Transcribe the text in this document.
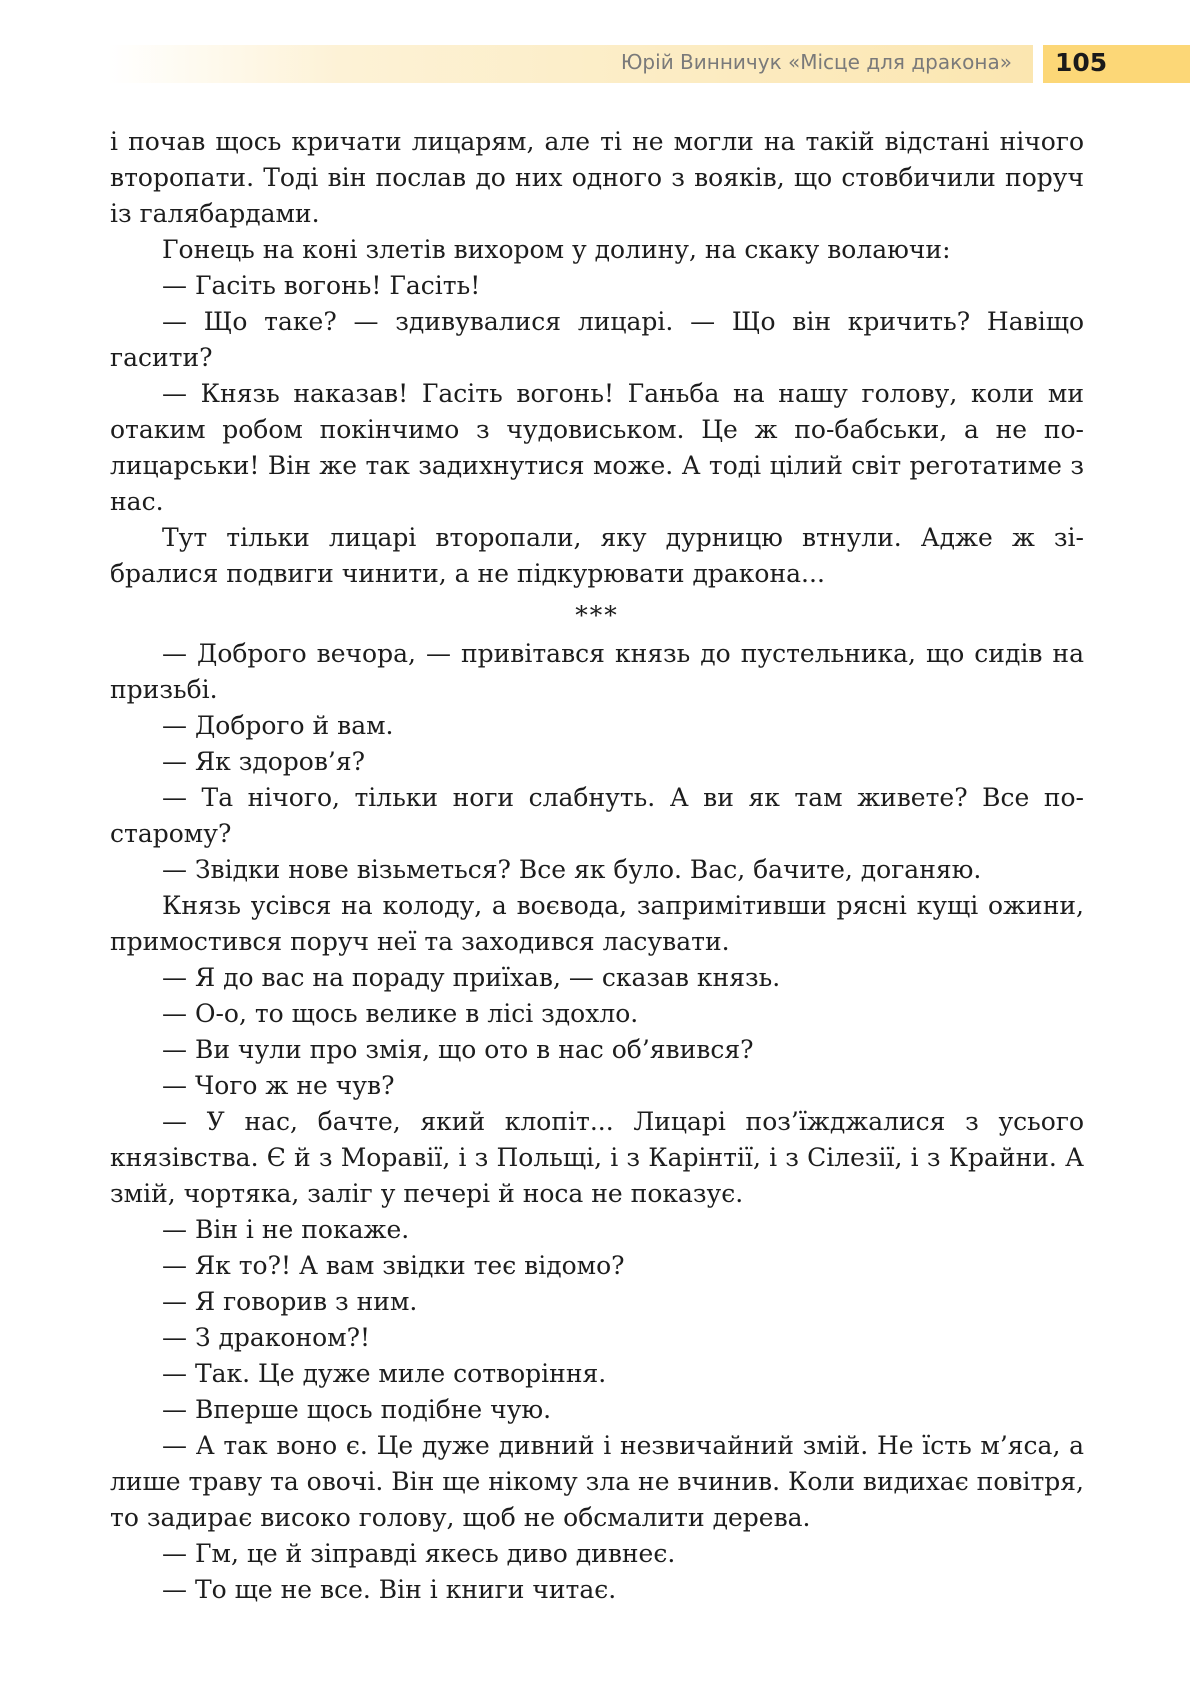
Юрій Винничук «Місце для дракона» 105

і почав щось кричати лицарям, але ті не могли на такій відстані нічого второпати. Тоді він послав до них одного з вояків, що стовбичили поруч із галябардами.

Гонець на коні злетів вихором у долину, на скаку волаючи:

— Гасіть вогонь! Гасіть!

— Що таке? — здивувалися лицарі. — Що він кричить? Навіщо гасити?

— Князь наказав! Гасіть вогонь! Ганьба на нашу голову, коли ми отаким робом покінчимо з чудовиськом. Це ж по-бабськи, а не по-лицарськи! Він же так задихнутися може. А тоді цілий світ реготатиме з нас.

Тут тільки лицарі второпали, яку дурницю втнули. Адже ж зібралися подвиги чинити, а не підкурювати дракона...

***

— Доброго вечора, — привітався князь до пустельника, що сидів на призьбі.

— Доброго й вам.

— Як здоров’я?

— Та нічого, тільки ноги слабнуть. А ви як там живете? Все по-старому?

— Звідки нове візьметься? Все як було. Вас, бачите, доганяю.

Князь усівся на колоду, а воєвода, запримітивши рясні кущі ожини, примостився поруч неї та заходився ласувати.

— Я до вас на пораду приїхав, — сказав князь.

— О-о, то щось велике в лісі здохло.

— Ви чули про змія, що ото в нас об’явився?

— Чого ж не чув?

— У нас, бачте, який клопіт... Лицарі поз’їжджалися з усього князівства. Є й з Моравії, і з Польщі, і з Карінтії, і з Сілезії, і з Крайни. А змій, чортяка, заліг у печері й носа не показує.

— Він і не покаже.

— Як то?! А вам звідки теє відомо?

— Я говорив з ним.

— З драконом?!

— Так. Це дуже миле сотворіння.

— Вперше щось подібне чую.

— А так воно є. Це дуже дивний і незвичайний змій. Не їсть м’яса, а лише траву та овочі. Він ще нікому зла не вчинив. Коли видихає повітря, то задирає високо голову, щоб не обсмалити дерева.

— Гм, це й зіправді якесь диво дивнеє.

— То ще не все. Він і книги читає.
